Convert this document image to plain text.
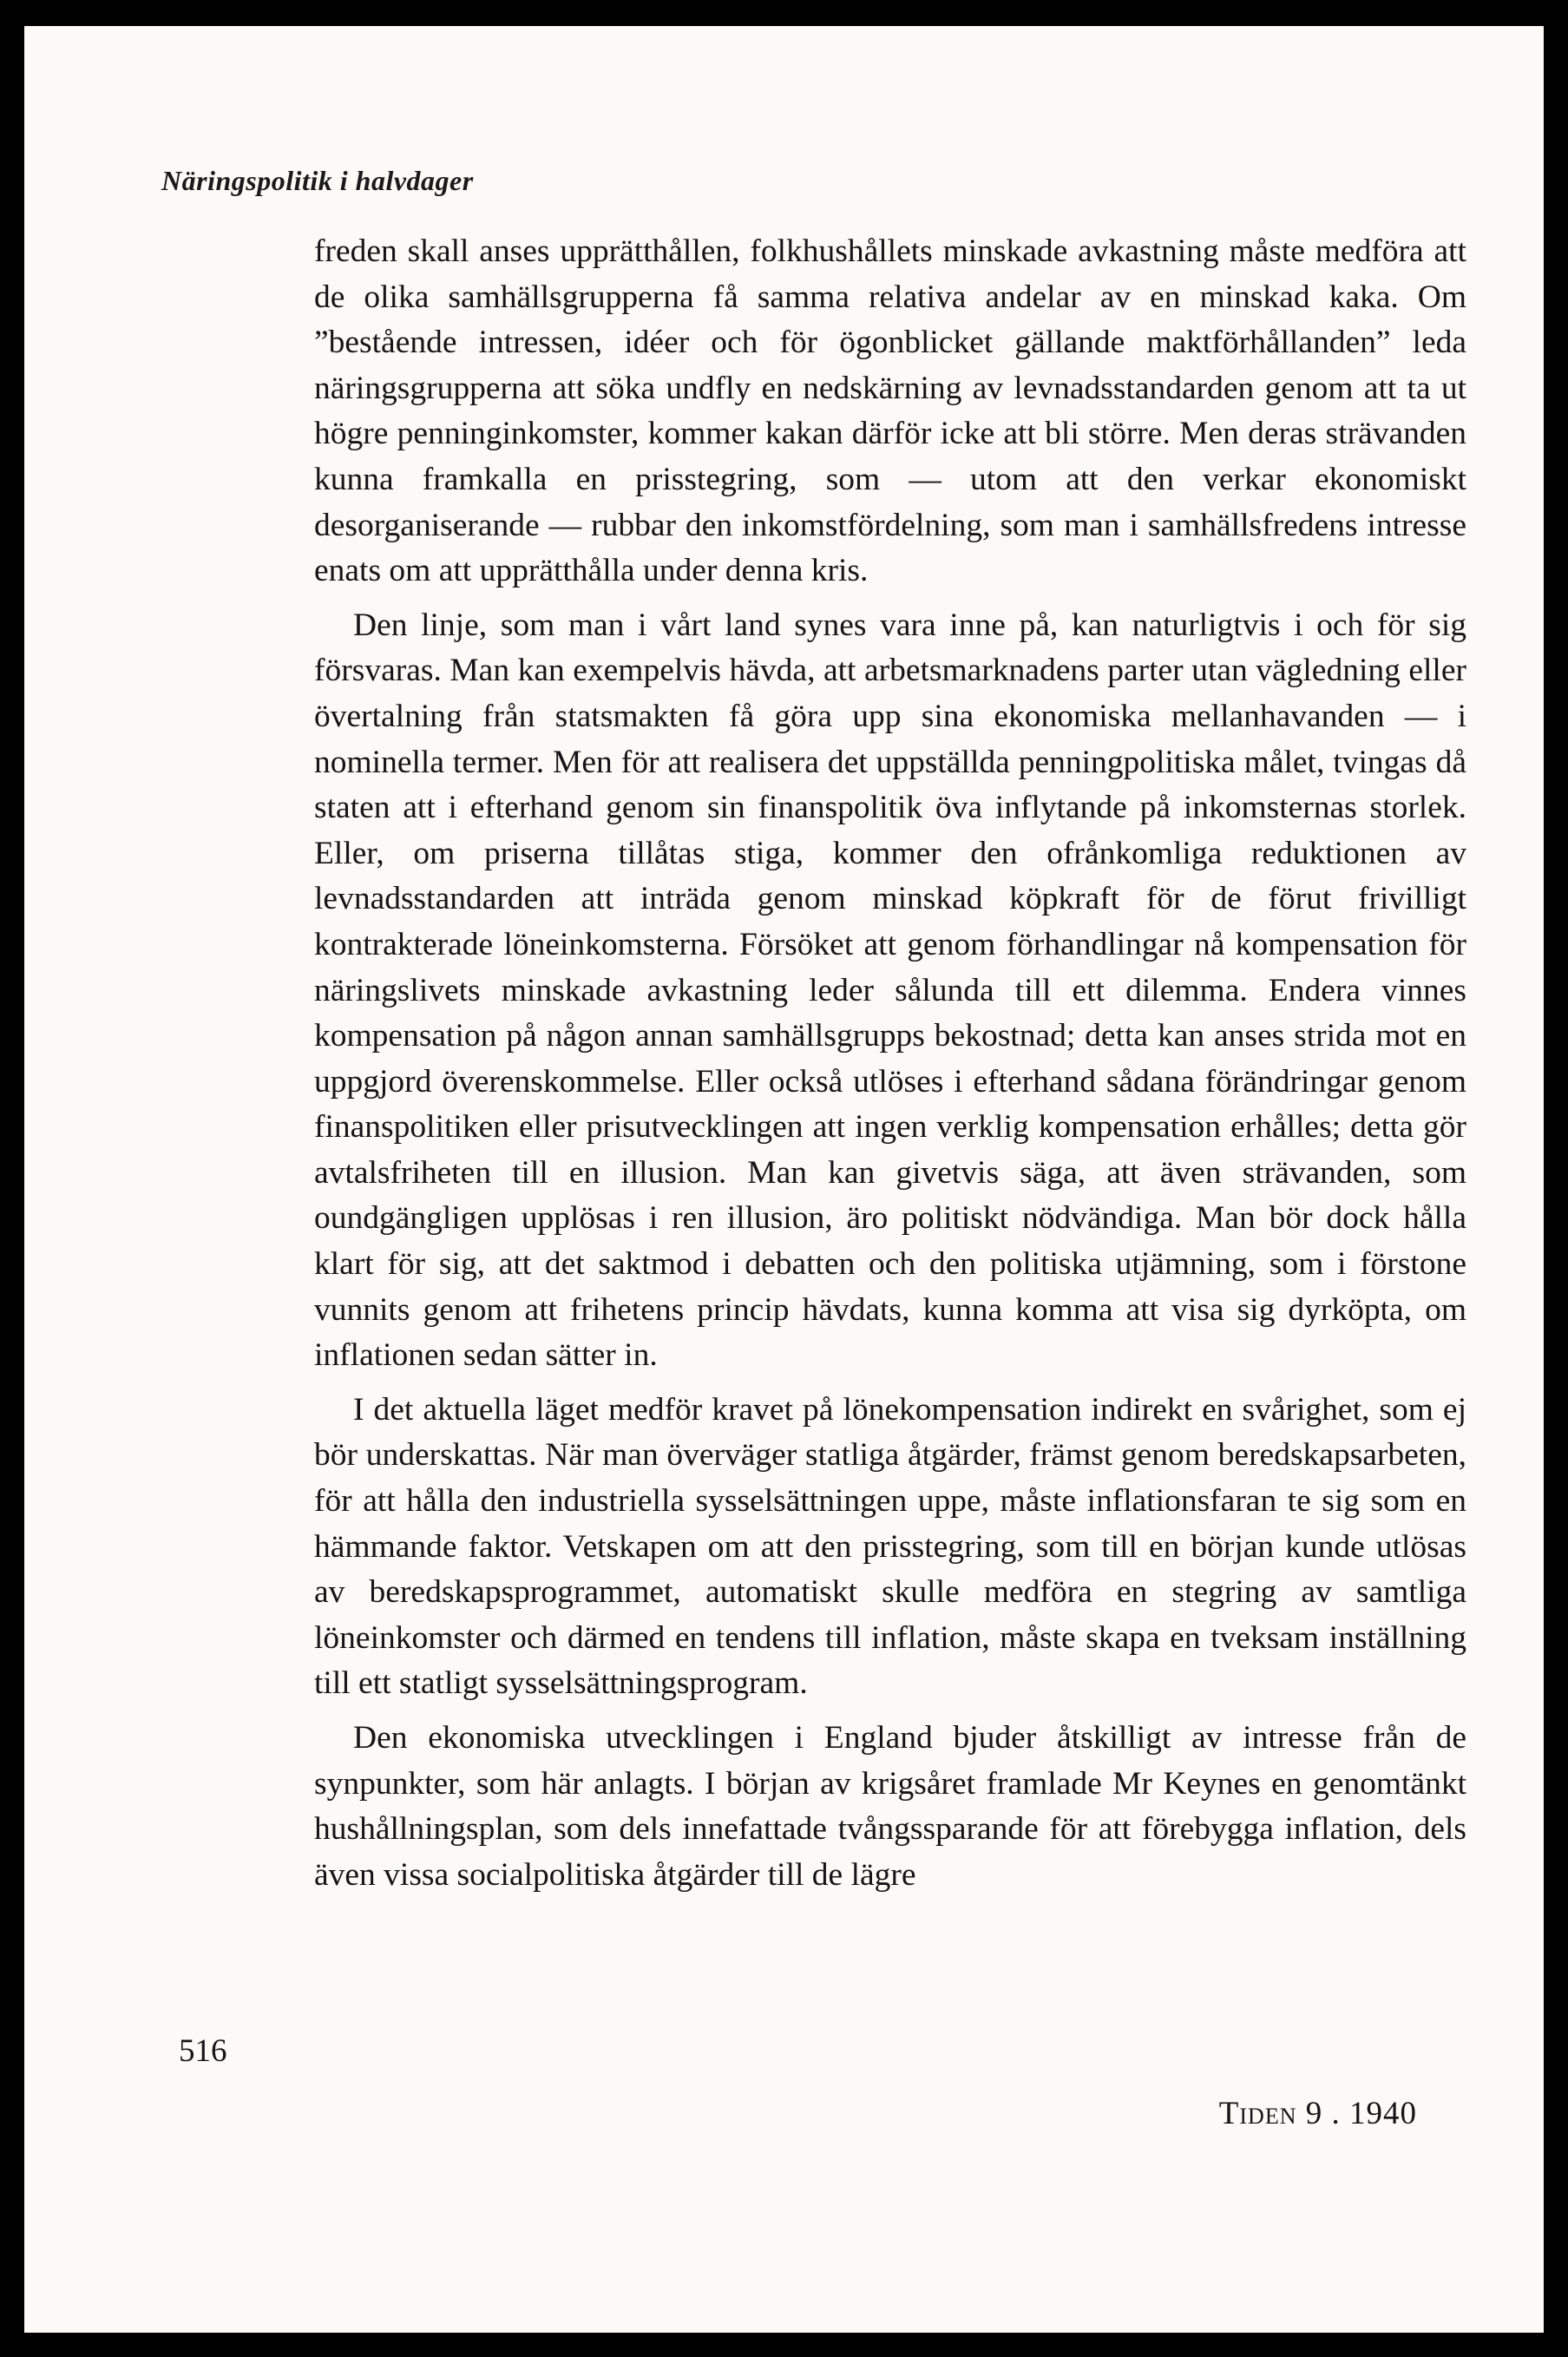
Näringspolitik i halvdager

freden skall anses upprätthållen, folkhushållets minskade avkastning måste medföra att de olika samhällsgrupperna få samma relativa andelar av en minskad kaka. Om ”bestående intressen, idéer och för ögonblicket gällande maktförhållanden” leda näringsgrupperna att söka undfly en nedskärning av levnadsstandarden genom att ta ut högre penninginkomster, kommer kakan därför icke att bli större. Men deras strävanden kunna framkalla en prisstegring, som — utom att den verkar ekonomiskt desorganiserande — rubbar den inkomstfördelning, som man i samhällsfredens intresse enats om att upprätthålla under denna kris.

Den linje, som man i vårt land synes vara inne på, kan naturligtvis i och för sig försvaras. Man kan exempelvis hävda, att arbetsmarknadens parter utan vägledning eller övertalning från statsmakten få göra upp sina ekonomiska mellanhavanden — i nominella termer. Men för att realisera det uppställda penningpolitiska målet, tvingas då staten att i efterhand genom sin finanspolitik öva inflytande på inkomsternas storlek. Eller, om priserna tillåtas stiga, kommer den ofrånkomliga reduktionen av levnadsstandarden att inträda genom minskad köpkraft för de förut frivilligt kontrakterade löneinkomsterna. Försöket att genom förhandlingar nå kompensation för näringslivets minskade avkastning leder sålunda till ett dilemma. Endera vinnes kompensation på någon annan samhällsgrupps bekostnad; detta kan anses strida mot en uppgjord överenskommelse. Eller också utlöses i efterhand sådana förändringar genom finanspolitiken eller prisutvecklingen att ingen verklig kompensation erhålles; detta gör avtalsfriheten till en illusion. Man kan givetvis säga, att även strävanden, som oundgängligen upplösas i ren illusion, äro politiskt nödvändiga. Man bör dock hålla klart för sig, att det saktmod i debatten och den politiska utjämning, som i förstone vunnits genom att frihetens princip hävdats, kunna komma att visa sig dyrköpta, om inflationen sedan sätter in.

I det aktuella läget medför kravet på lönekompensation indirekt en svårighet, som ej bör underskattas. När man överväger statliga åtgärder, främst genom beredskapsarbeten, för att hålla den industriella sysselsättningen uppe, måste inflationsfaran te sig som en hämmande faktor. Vetskapen om att den prisstegring, som till en början kunde utlösas av beredskapsprogrammet, automatiskt skulle medföra en stegring av samtliga löneinkomster och därmed en tendens till inflation, måste skapa en tveksam inställning till ett statligt sysselsättningsprogram.

Den ekonomiska utvecklingen i England bjuder åtskilligt av intresse från de synpunkter, som här anlagts. I början av krigsåret framlade Mr Keynes en genomtänkt hushållningsplan, som dels innefattade tvångssparande för att förebygga inflation, dels även vissa socialpolitiska åtgärder till de lägre

516
Tiden 9 . 1940
